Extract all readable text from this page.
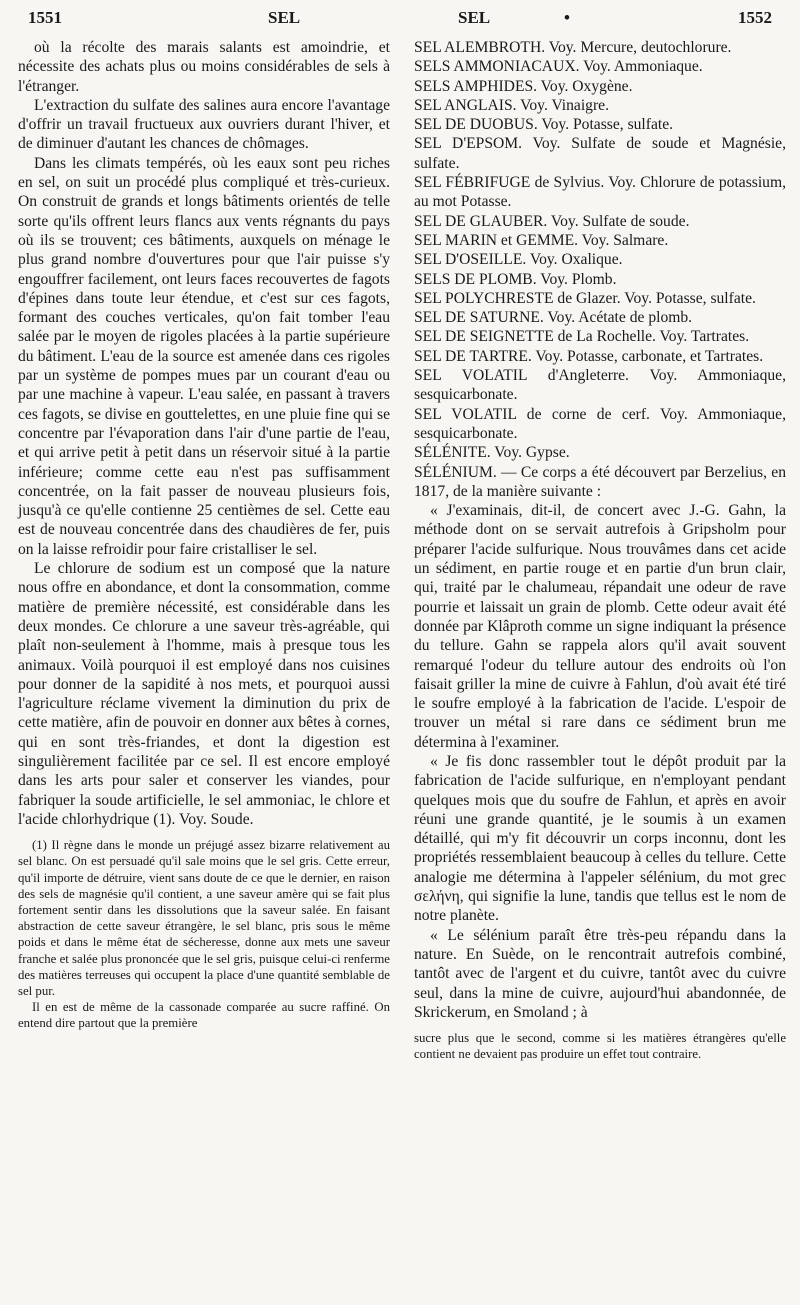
1551	SEL	SEL	•	1552

où la récolte des marais salants est amoindrie, et nécessite des achats plus ou moins considérables de sels à l'étranger.

L'extraction du sulfate des salines aura encore l'avantage d'offrir un travail fructueux aux ouvriers durant l'hiver, et de diminuer d'autant les chances de chômages.

Dans les climats tempérés, où les eaux sont peu riches en sel, on suit un procédé plus compliqué et très-curieux. On construit de grands et longs bâtiments orientés de telle sorte qu'ils offrent leurs flancs aux vents régnants du pays où ils se trouvent; ces bâtiments, auxquels on ménage le plus grand nombre d'ouvertures pour que l'air puisse s'y engouffrer facilement, ont leurs faces recouvertes de fagots d'épines dans toute leur étendue, et c'est sur ces fagots, formant des couches verticales, qu'on fait tomber l'eau salée par le moyen de rigoles placées à la partie supérieure du bâtiment. L'eau de la source est amenée dans ces rigoles par un système de pompes mues par un courant d'eau ou par une machine à vapeur. L'eau salée, en passant à travers ces fagots, se divise en gouttelettes, en une pluie fine qui se concentre par l'évaporation dans l'air d'une partie de l'eau, et qui arrive petit à petit dans un réservoir situé à la partie inférieure; comme cette eau n'est pas suffisamment concentrée, on la fait passer de nouveau plusieurs fois, jusqu'à ce qu'elle contienne 25 centièmes de sel. Cette eau est de nouveau concentrée dans des chaudières de fer, puis on la laisse refroidir pour faire cristalliser le sel.

Le chlorure de sodium est un composé que la nature nous offre en abondance, et dont la consommation, comme matière de première nécessité, est considérable dans les deux mondes. Ce chlorure a une saveur très-agréable, qui plaît non-seulement à l'homme, mais à presque tous les animaux. Voilà pourquoi il est employé dans nos cuisines pour donner de la sapidité à nos mets, et pourquoi aussi l'agriculture réclame vivement la diminution du prix de cette matière, afin de pouvoir en donner aux bêtes à cornes, qui en sont très-friandes, et dont la digestion est singulièrement facilitée par ce sel. Il est encore employé dans les arts pour saler et conserver les viandes, pour fabriquer la soude artificielle, le sel ammoniac, le chlore et l'acide chlorhydrique (1). Voy. Soude.

(1) Il règne dans le monde un préjugé assez bizarre relativement au sel blanc. On est persuadé qu'il sale moins que le sel gris. Cette erreur, qu'il importe de détruire, vient sans doute de ce que le dernier, en raison des sels de magnésie qu'il contient, a une saveur amère qui se fait plus fortement sentir dans les dissolutions que la saveur salée. En faisant abstraction de cette saveur étrangère, le sel blanc, pris sous le même poids et dans le même état de sécheresse, donne aux mets une saveur franche et salée plus prononcée que le sel gris, puisque celui-ci renferme des matières terreuses qui occupent la place d'une quantité semblable de sel pur.

Il en est de même de la cassonade comparée au sucre raffiné. On entend dire partout que la première

SEL ALEMBROTH. Voy. Mercure, deutochlorure.

SELS AMMONIACAUX. Voy. Ammoniaque.

SELS AMPHIDES. Voy. Oxygène.

SEL ANGLAIS. Voy. Vinaigre.

SEL DE DUOBUS. Voy. Potasse, sulfate.

SEL D'EPSOM. Voy. Sulfate de soude et Magnésie, sulfate.

SEL FÉBRIFUGE de Sylvius. Voy. Chlorure de potassium, au mot Potasse.

SEL DE GLAUBER. Voy. Sulfate de soude.

SEL MARIN et GEMME. Voy. Salmare.

SEL D'OSEILLE. Voy. Oxalique.

SELS DE PLOMB. Voy. Plomb.

SEL POLYCHRESTE de Glazer. Voy. Potasse, sulfate.

SEL DE SATURNE. Voy. Acétate de plomb.

SEL DE SEIGNETTE de La Rochelle. Voy. Tartrates.

SEL DE TARTRE. Voy. Potasse, carbonate, et Tartrates.

SEL VOLATIL d'Angleterre. Voy. Ammoniaque, sesquicarbonate.

SEL VOLATIL de corne de cerf. Voy. Ammoniaque, sesquicarbonate.

SÉLÉNITE. Voy. Gypse.

SÉLÉNIUM. — Ce corps a été découvert par Berzelius, en 1817, de la manière suivante :

« J'examinais, dit-il, de concert avec J.-G. Gahn, la méthode dont on se servait autrefois à Gripsholm pour préparer l'acide sulfurique. Nous trouvâmes dans cet acide un sédiment, en partie rouge et en partie d'un brun clair, qui, traité par le chalumeau, répandait une odeur de rave pourrie et laissait un grain de plomb. Cette odeur avait été donnée par Klâproth comme un signe indiquant la présence du tellure. Gahn se rappela alors qu'il avait souvent remarqué l'odeur du tellure autour des endroits où l'on faisait griller la mine de cuivre à Fahlun, d'où avait été tiré le soufre employé à la fabrication de l'acide. L'espoir de trouver un métal si rare dans ce sédiment brun me détermina à l'examiner.

« Je fis donc rassembler tout le dépôt produit par la fabrication de l'acide sulfurique, en n'employant pendant quelques mois que du soufre de Fahlun, et après en avoir réuni une grande quantité, je le soumis à un examen détaillé, qui m'y fit découvrir un corps inconnu, dont les propriétés ressemblaient beaucoup à celles du tellure. Cette analogie me détermina à l'appeler sélénium, du mot grec σελήνη, qui signifie la lune, tandis que tellus est le nom de notre planète.

« Le sélénium paraît être très-peu répandu dans la nature. En Suède, on le rencontrait autrefois combiné, tantôt avec de l'argent et du cuivre, tantôt avec du cuivre seul, dans la mine de cuivre, aujourd'hui abandonnée, de Skrickerum, en Smoland ; à

sucre plus que le second, comme si les matières étrangères qu'elle contient ne devaient pas produire un effet tout contraire.
